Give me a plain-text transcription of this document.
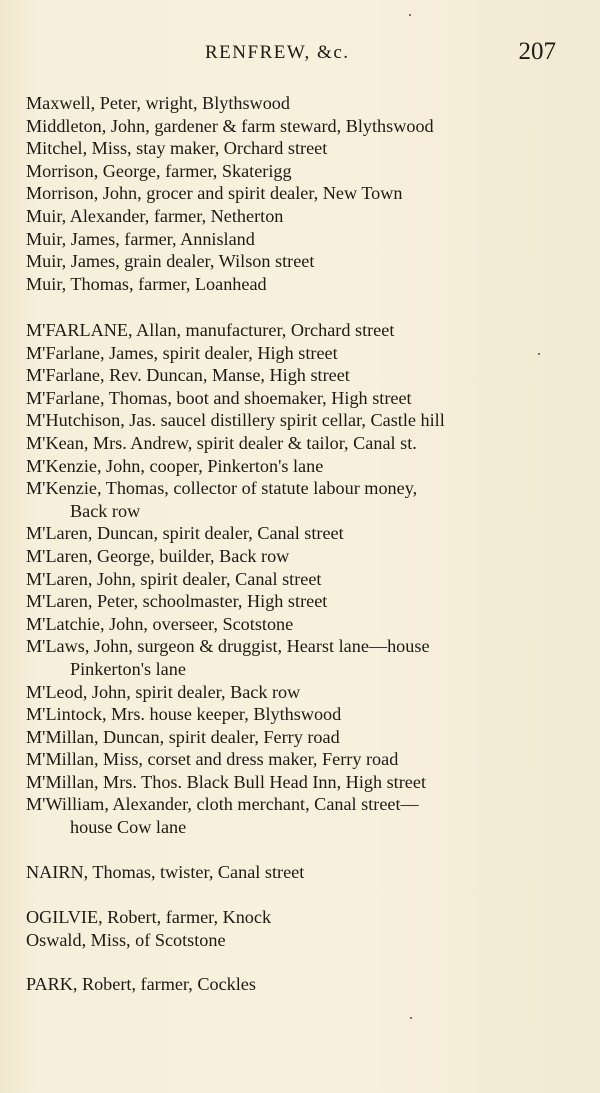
RENFREW, &c.	207
Maxwell, Peter, wright, Blythswood
Middleton, John, gardener & farm steward, Blythswood
Mitchel, Miss, stay maker, Orchard street
Morrison, George, farmer, Skaterigg
Morrison, John, grocer and spirit dealer, New Town
Muir, Alexander, farmer, Netherton
Muir, James, farmer, Annisland
Muir, James, grain dealer, Wilson street
Muir, Thomas, farmer, Loanhead
M'FARLANE, Allan, manufacturer, Orchard street
M'Farlane, James, spirit dealer, High street
M'Farlane, Rev. Duncan, Manse, High street
M'Farlane, Thomas, boot and shoemaker, High street
M'Hutchison, Jas. saucel distillery spirit cellar, Castle hill
M'Kean, Mrs. Andrew, spirit dealer & tailor, Canal st.
M'Kenzie, John, cooper, Pinkerton's lane
M'Kenzie, Thomas, collector of statute labour money,
Back row
M'Laren, Duncan, spirit dealer, Canal street
M'Laren, George, builder, Back row
M'Laren, John, spirit dealer, Canal street
M'Laren, Peter, schoolmaster, High street
M'Latchie, John, overseer, Scotstone
M'Laws, John, surgeon & druggist, Hearst lane—house
Pinkerton's lane
M'Leod, John, spirit dealer, Back row
M'Lintock, Mrs. house keeper, Blythswood
M'Millan, Duncan, spirit dealer, Ferry road
M'Millan, Miss, corset and dress maker, Ferry road
M'Millan, Mrs. Thos. Black Bull Head Inn, High street
M'William, Alexander, cloth merchant, Canal street—
house Cow lane
NAIRN, Thomas, twister, Canal street
OGILVIE, Robert, farmer, Knock
Oswald, Miss, of Scotstone
PARK, Robert, farmer, Cockles
